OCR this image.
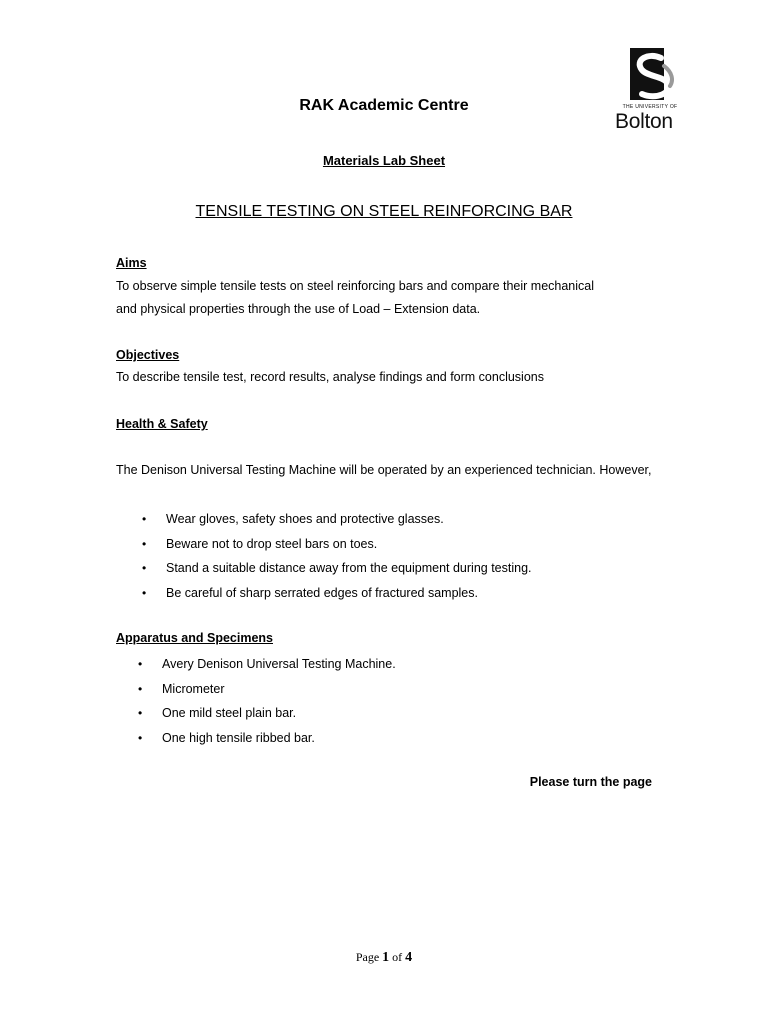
THE UNIVERSITY OF
Bolton
RAK Academic Centre
Materials Lab Sheet
TENSILE TESTING ON STEEL REINFORCING BAR
Aims
To observe simple tensile tests on steel reinforcing bars and compare their mechanical
and physical properties through the use of Load – Extension data.
Objectives
To describe tensile test, record results, analyse findings and form conclusions
Health & Safety
The Denison Universal Testing Machine will be operated by an experienced technician. However,
• Wear gloves, safety shoes and protective glasses.
• Beware not to drop steel bars on toes.
• Stand a suitable distance away from the equipment during testing.
• Be careful of sharp serrated edges of fractured samples.
Apparatus and Specimens
• Avery Denison Universal Testing Machine.
• Micrometer
• One mild steel plain bar.
• One high tensile ribbed bar.
Please turn the page
Page 1 of 4
